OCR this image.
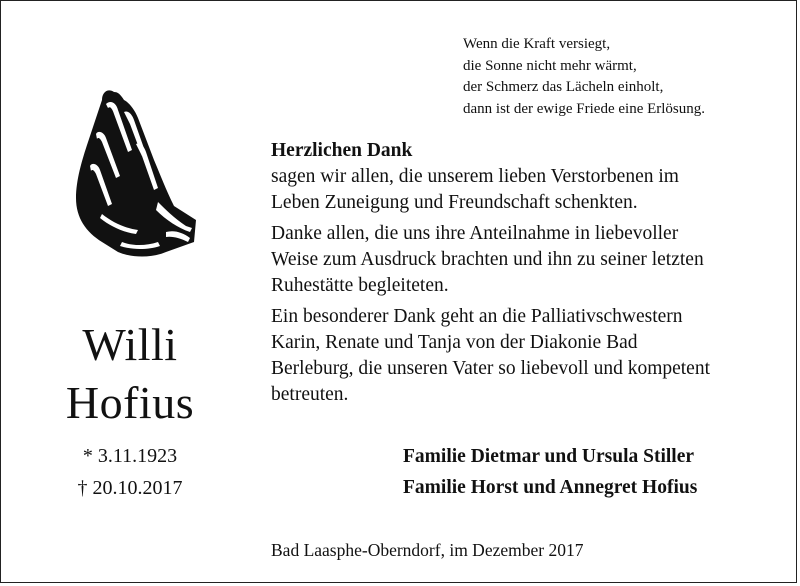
Wenn die Kraft versiegt,
die Sonne nicht mehr wärmt,
der Schmerz das Lächeln einholt,
dann ist der ewige Friede eine Erlösung.
Willi
Hofius
* 3.11.1923
† 20.10.2017
Herzlichen Dank
sagen wir allen, die unserem lieben Verstorbenen im
Leben Zuneigung und Freundschaft schenkten.
Danke allen, die uns ihre Anteilnahme in liebevoller
Weise zum Ausdruck brachten und ihn zu seiner letzten
Ruhestätte begleiteten.
Ein besonderer Dank geht an die Palliativschwestern
Karin, Renate und Tanja von der Diakonie Bad
Berleburg, die unseren Vater so liebevoll und kompetent
betreuten.
Familie Dietmar und Ursula Stiller
Familie Horst und Annegret Hofius
Bad Laasphe-Oberndorf, im Dezember 2017
